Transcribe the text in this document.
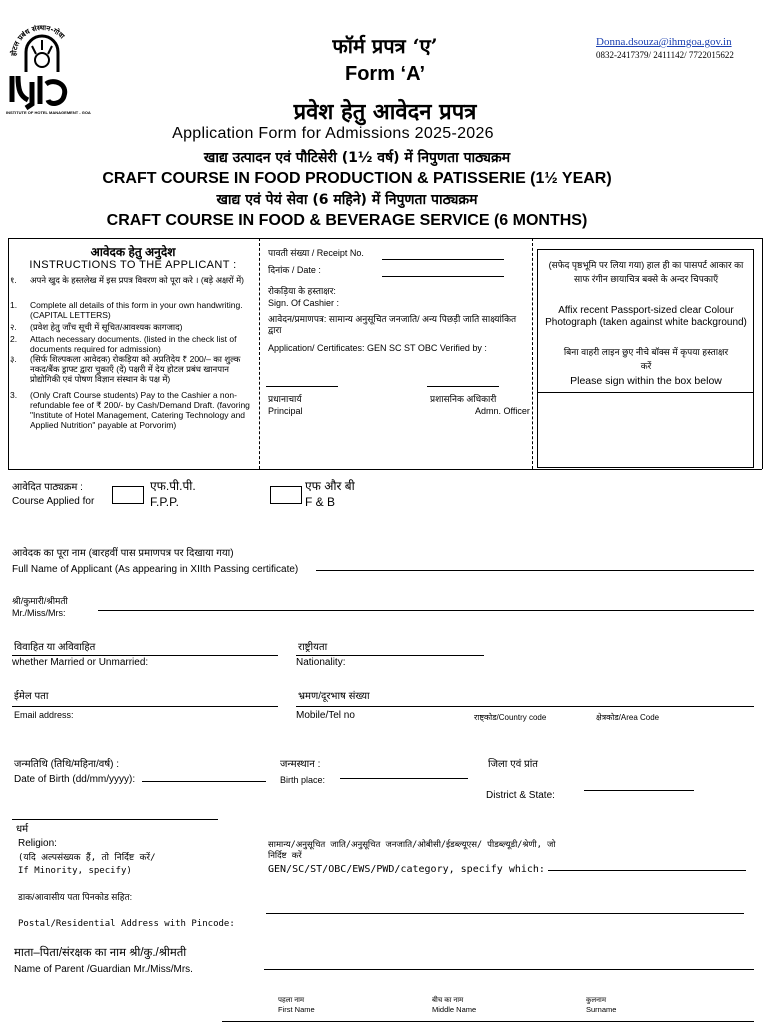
होटल प्रबंध संस्थान-गोवा
INSTITUTE OF HOTEL MANAGEMENT - GOA
Donna.dsouza@ihmgoa.gov.in
0832-2417379/ 2411142/ 7722015622
फॉर्म प्रपत्र ‘ए’
Form ‘A’
प्रवेश हेतु आवेदन प्रपत्र
Application Form for Admissions 2025-2026
खाद्य उत्पादन एवं पौटिसेरी (1½ वर्ष) में निपुणता पाठ्यक्रम
CRAFT COURSE IN FOOD PRODUCTION & PATISSERIE (1½ YEAR)
खाद्य एवं पेयं सेवा (6 महिने) में निपुणता पाठ्यक्रम
CRAFT COURSE IN FOOD & BEVERAGE SERVICE (6 MONTHS)
आवेदक हेतु अनुदेश
INSTRUCTIONS TO THE APPLICANT :
१.	अपने खुद के हस्तलेख में इस प्रपत्र विवरण को पूरा करे । (बड़े अक्षरों में)
1.	Complete all details of this form in your own handwriting. (CAPITAL LETTERS)
२.	(प्रवेश हेतु जाँच सूची में सूचित/आवश्यक कागजाद)
2.	Attach necessary documents. (listed in the check list of documents required for admission)
३.	(सिर्फ शिल्पकला आवेदक) रोकड़िया को अप्रतिदेय ₹ 200/– का शुल्क नकद/बैंक ड्राफ्ट द्वारा चुकाएँ (दें) पक्षरी में देय होटल प्रबंध खानपान प्रोद्योगिकी एवं पोषण विज्ञान संस्थान के पक्ष में)
3.	(Only Craft Course students) Pay to the Cashier a non-refundable fee of ₹ 200/- by Cash/Demand Draft. (favoring "Institute of Hotel Management, Catering Technology and Applied Nutrition" payable at Porvorim)
पावती संख्या / Receipt No.
दिनांक / Date :
रोकड़िया के हस्ताक्षर:
Sign. Of Cashier :
आवेदन/प्रमाणपत्र: सामान्य अनुसूचित जनजाति/ अन्य पिछड़ी जाति साक्ष्यांकित द्वारा
Application/ Certificates: GEN SC ST OBC Verified by :
प्रधानाचार्य
Principal
प्रशासनिक अधिकारी
Admn. Officer
(सफेद पृष्ठभूमि पर लिया गया) हाल ही का पासपर्ट आकार का साफ रंगीन छायाचित्र बक्से के अन्दर चिपकाएँ
Affix recent Passport-sized clear Colour Photograph (taken against white background)
बिना वाहरी लाइन छुए नीचे बॉक्स में कृपया हस्ताक्षर करें
Please sign within the box below
आवेदित पाठ्यक्रम :
Course Applied for
एफ.पी.पी.
F.P.P.
एफ और बी
F & B
आवेदक का पूरा नाम (बारहवीं पास प्रमाणपत्र पर दिखाया गया)
Full Name of Applicant (As appearing in XIIth Passing certificate)
श्री/कुमारी/श्रीमती
Mr./Miss/Mrs:
विवाहित या अविवाहित
whether Married or Unmarried:
राष्ट्रीयता
Nationality:
ईमेल पता
Email address:
भ्रमण/दूरभाष संख्या
Mobile/Tel no	राष्ट्कोड/Country code	क्षेत्रकोड/Area Code
जन्मतिथि (तिथि/महिना/वर्ष) :
Date of Birth (dd/mm/yyyy):
जन्मस्थान :
Birth place:
जिला एवं प्रांत
District & State:
धर्म
Religion:
(यदि अल्पसंख्यक हैं, तो निर्दिष्ट करें/
If Minority, specify)
सामान्य/अनुसूचित जाति/अनुसूचित जनजाति/ओबीसी/ईडब्ल्यूएस/ पीडब्ल्यूडी/श्रेणी, जो निर्दिष्ट करें
GEN/SC/ST/OBC/EWS/PWD/category, specify which:
डाक/आवासीय पता पिनकोड सहित:
Postal/Residential Address with Pincode:
माता–पिता/संरक्षक का नाम श्री/कु./श्रीमती
Name of Parent /Guardian Mr./Miss/Mrs.
पहला नाम
First Name
बीच का नाम
Middle Name
कुलनाम
Surname
